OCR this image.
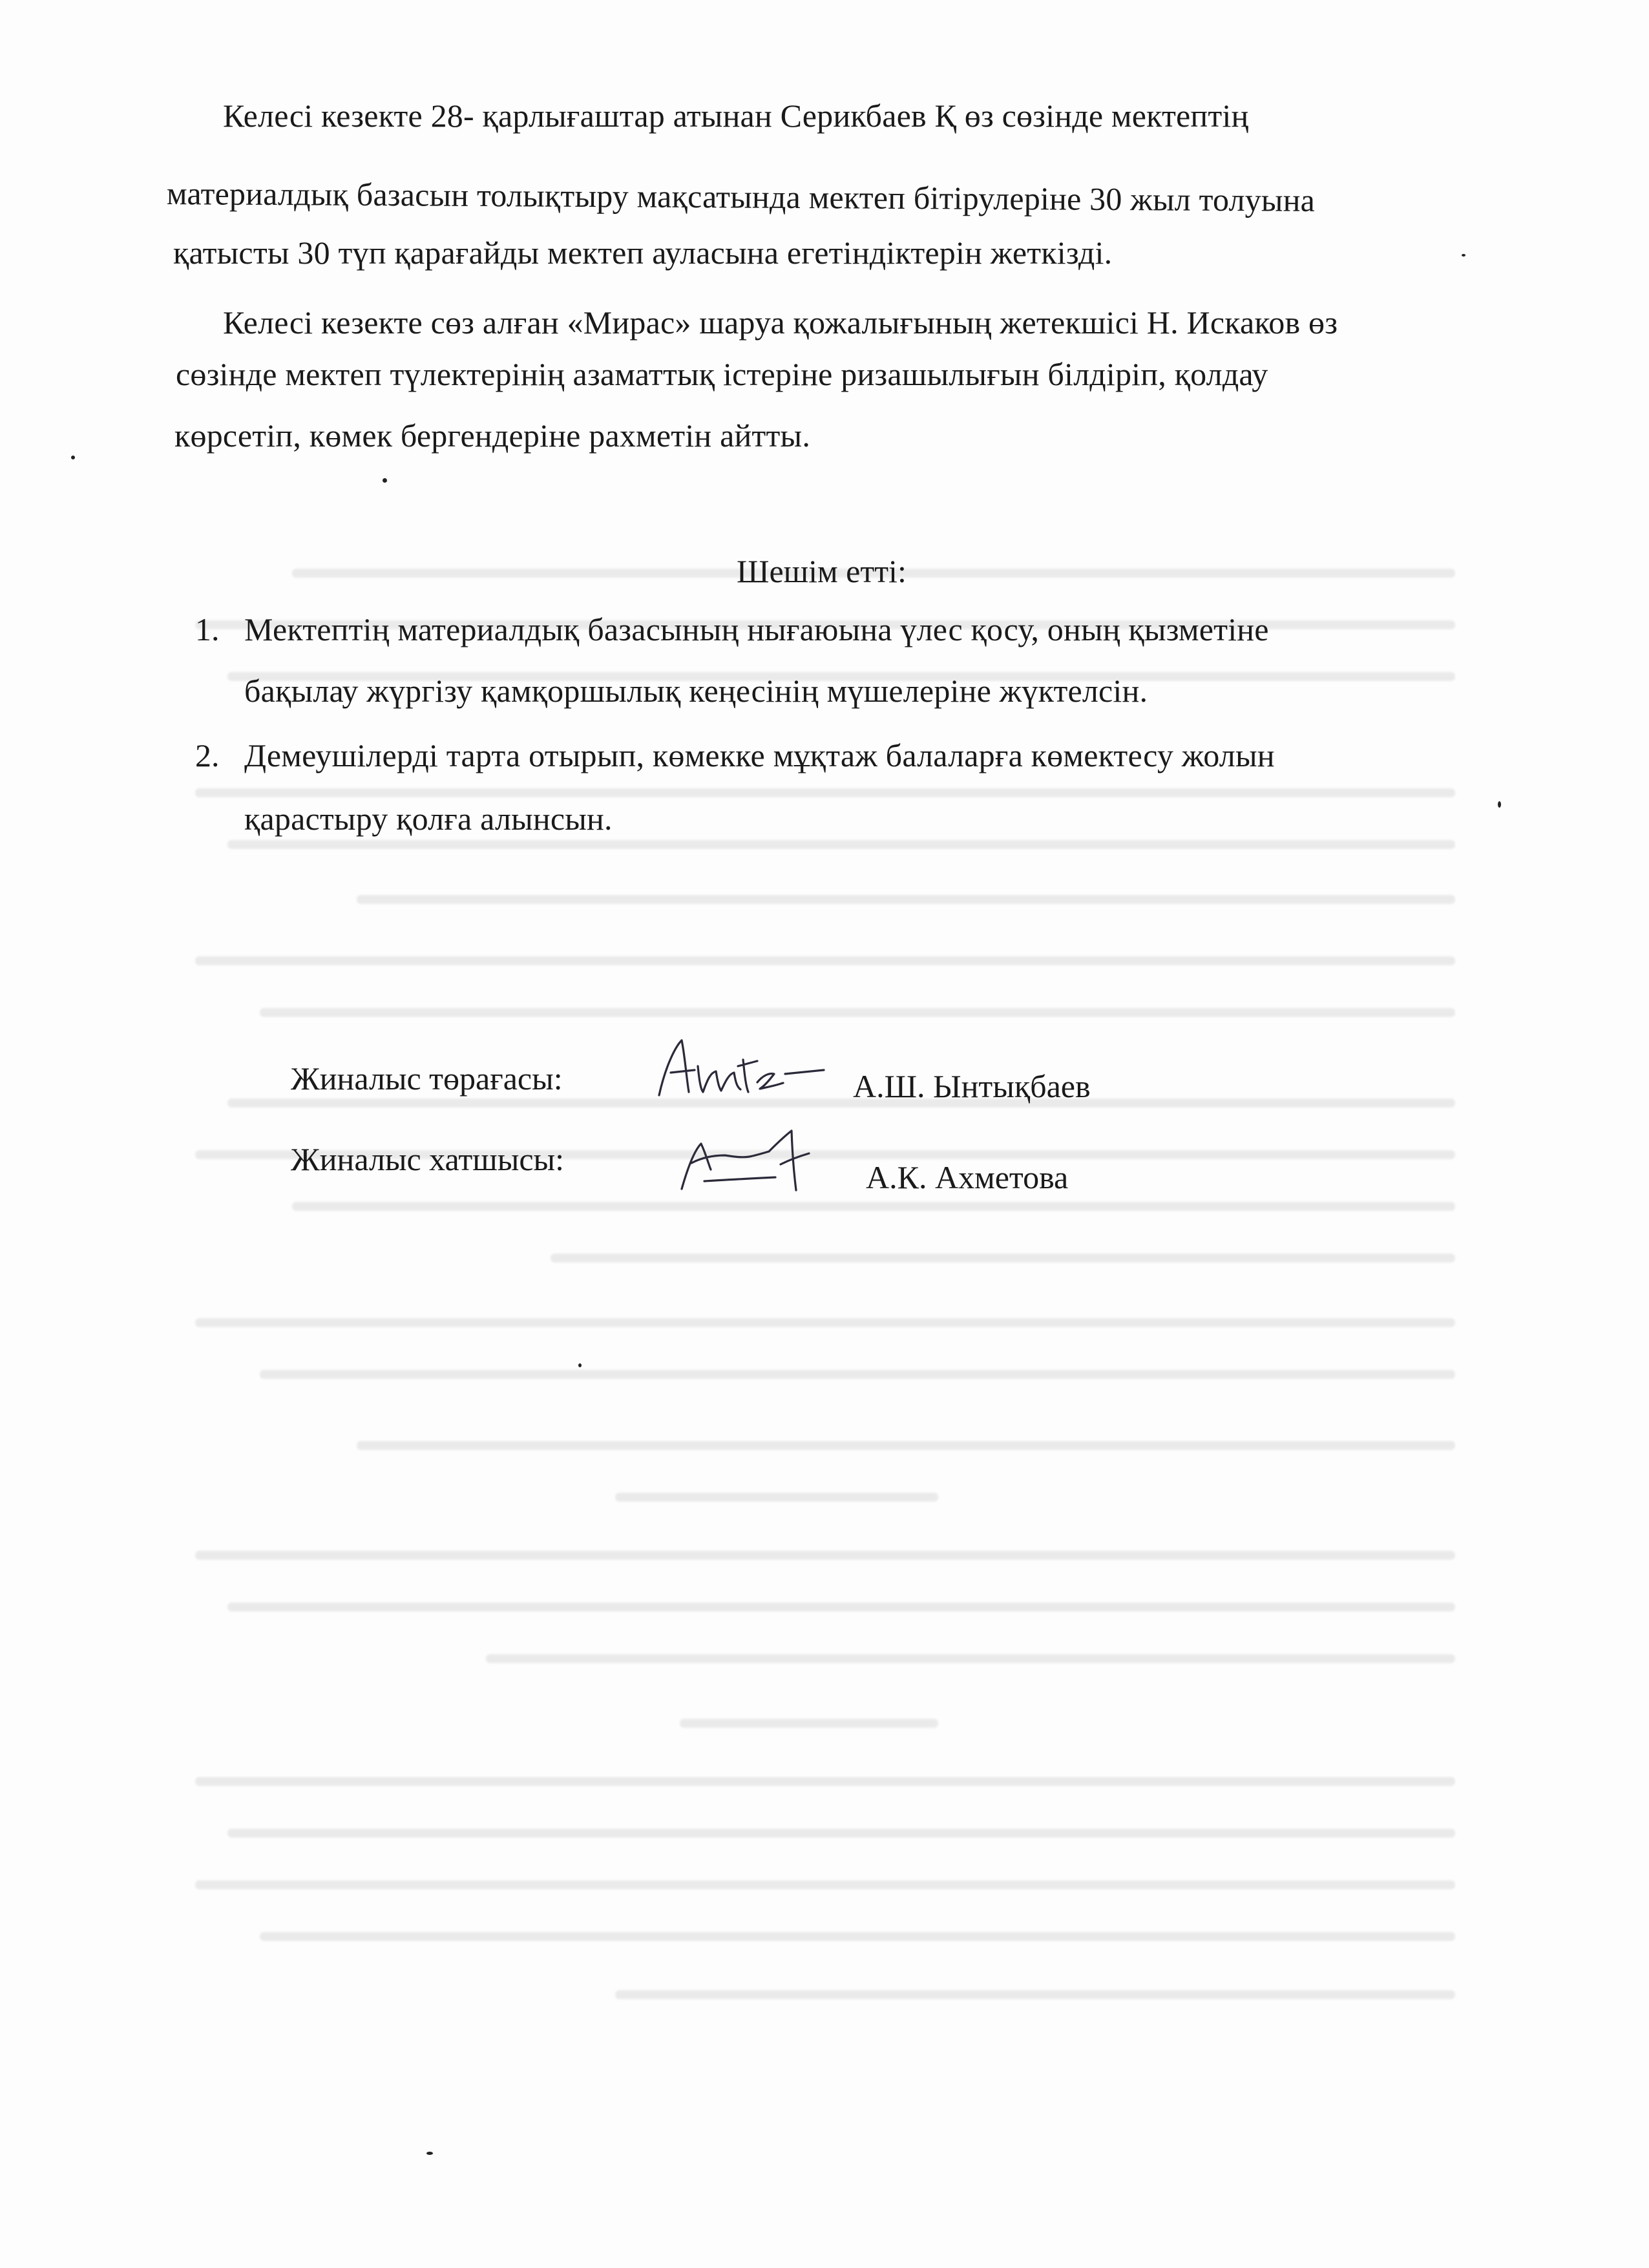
Келесі кезекте 28- қарлығаштар атынан Серикбаев Қ өз сөзінде мектептің
материалдық базасын толықтыру мақсатында мектеп бітірулеріне 30 жыл толуына
қатысты 30 түп қарағайды мектеп ауласына егетіндіктерін жеткізді.
Келесі кезекте сөз алған «Мирас» шаруа қожалығының жетекшісі Н. Искаков өз
сөзінде мектеп түлектерінің азаматтық істеріне ризашылығын білдіріп, қолдау
көрсетіп, көмек бергендеріне рахметін айтты.
Шешім етті:
1. Мектептің материалдық базасының нығаюына үлес қосу, оның қызметіне
бақылау жүргізу қамқоршылық кеңесінің мүшелеріне жүктелсін.
2. Демеушілерді тарта отырып, көмекке мұқтаж балаларға көмектесу жолын
қарастыру қолға алынсын.
Жиналыс төрағасы:	А.Ш. Ынтықбаев
Жиналыс хатшысы:	А.К. Ахметова
